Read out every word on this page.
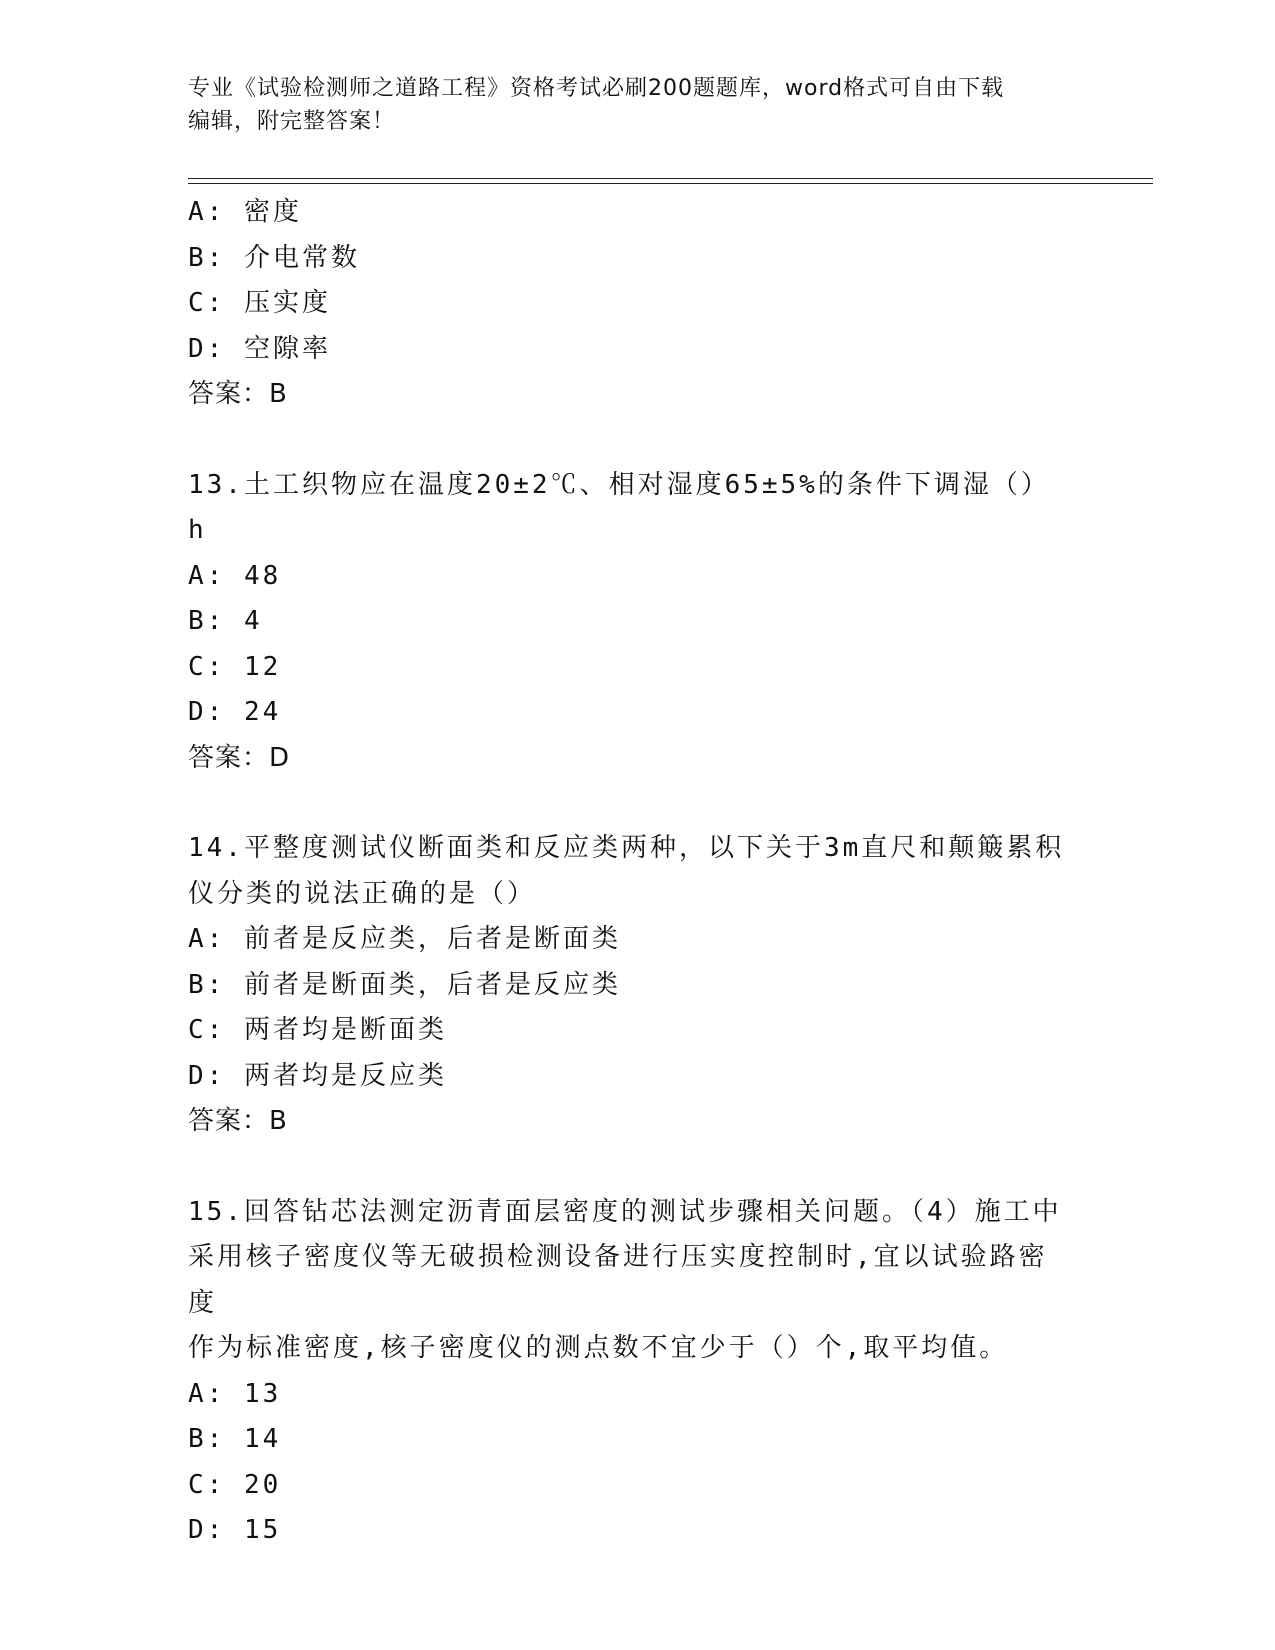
专业《试验检测师之道路工程》资格考试必刷200题题库，word格式可自由下载
编辑，附完整答案！
A: 密度
B: 介电常数
C: 压实度
D: 空隙率
答案：B
13.土工织物应在温度20±2℃、相对湿度65±5%的条件下调湿（）h
A: 48
B: 4
C: 12
D: 24
答案：D
14.平整度测试仪断面类和反应类两种，以下关于3m直尺和颠簸累积
仪分类的说法正确的是（）
A: 前者是反应类，后者是断面类
B: 前者是断面类，后者是反应类
C: 两者均是断面类
D: 两者均是反应类
答案：B
15.回答钻芯法测定沥青面层密度的测试步骤相关问题。（4）施工中
采用核子密度仪等无破损检测设备进行压实度控制时,宜以试验路密度
作为标准密度,核子密度仪的测点数不宜少于（）个,取平均值。
A: 13
B: 14
C: 20
D: 15
